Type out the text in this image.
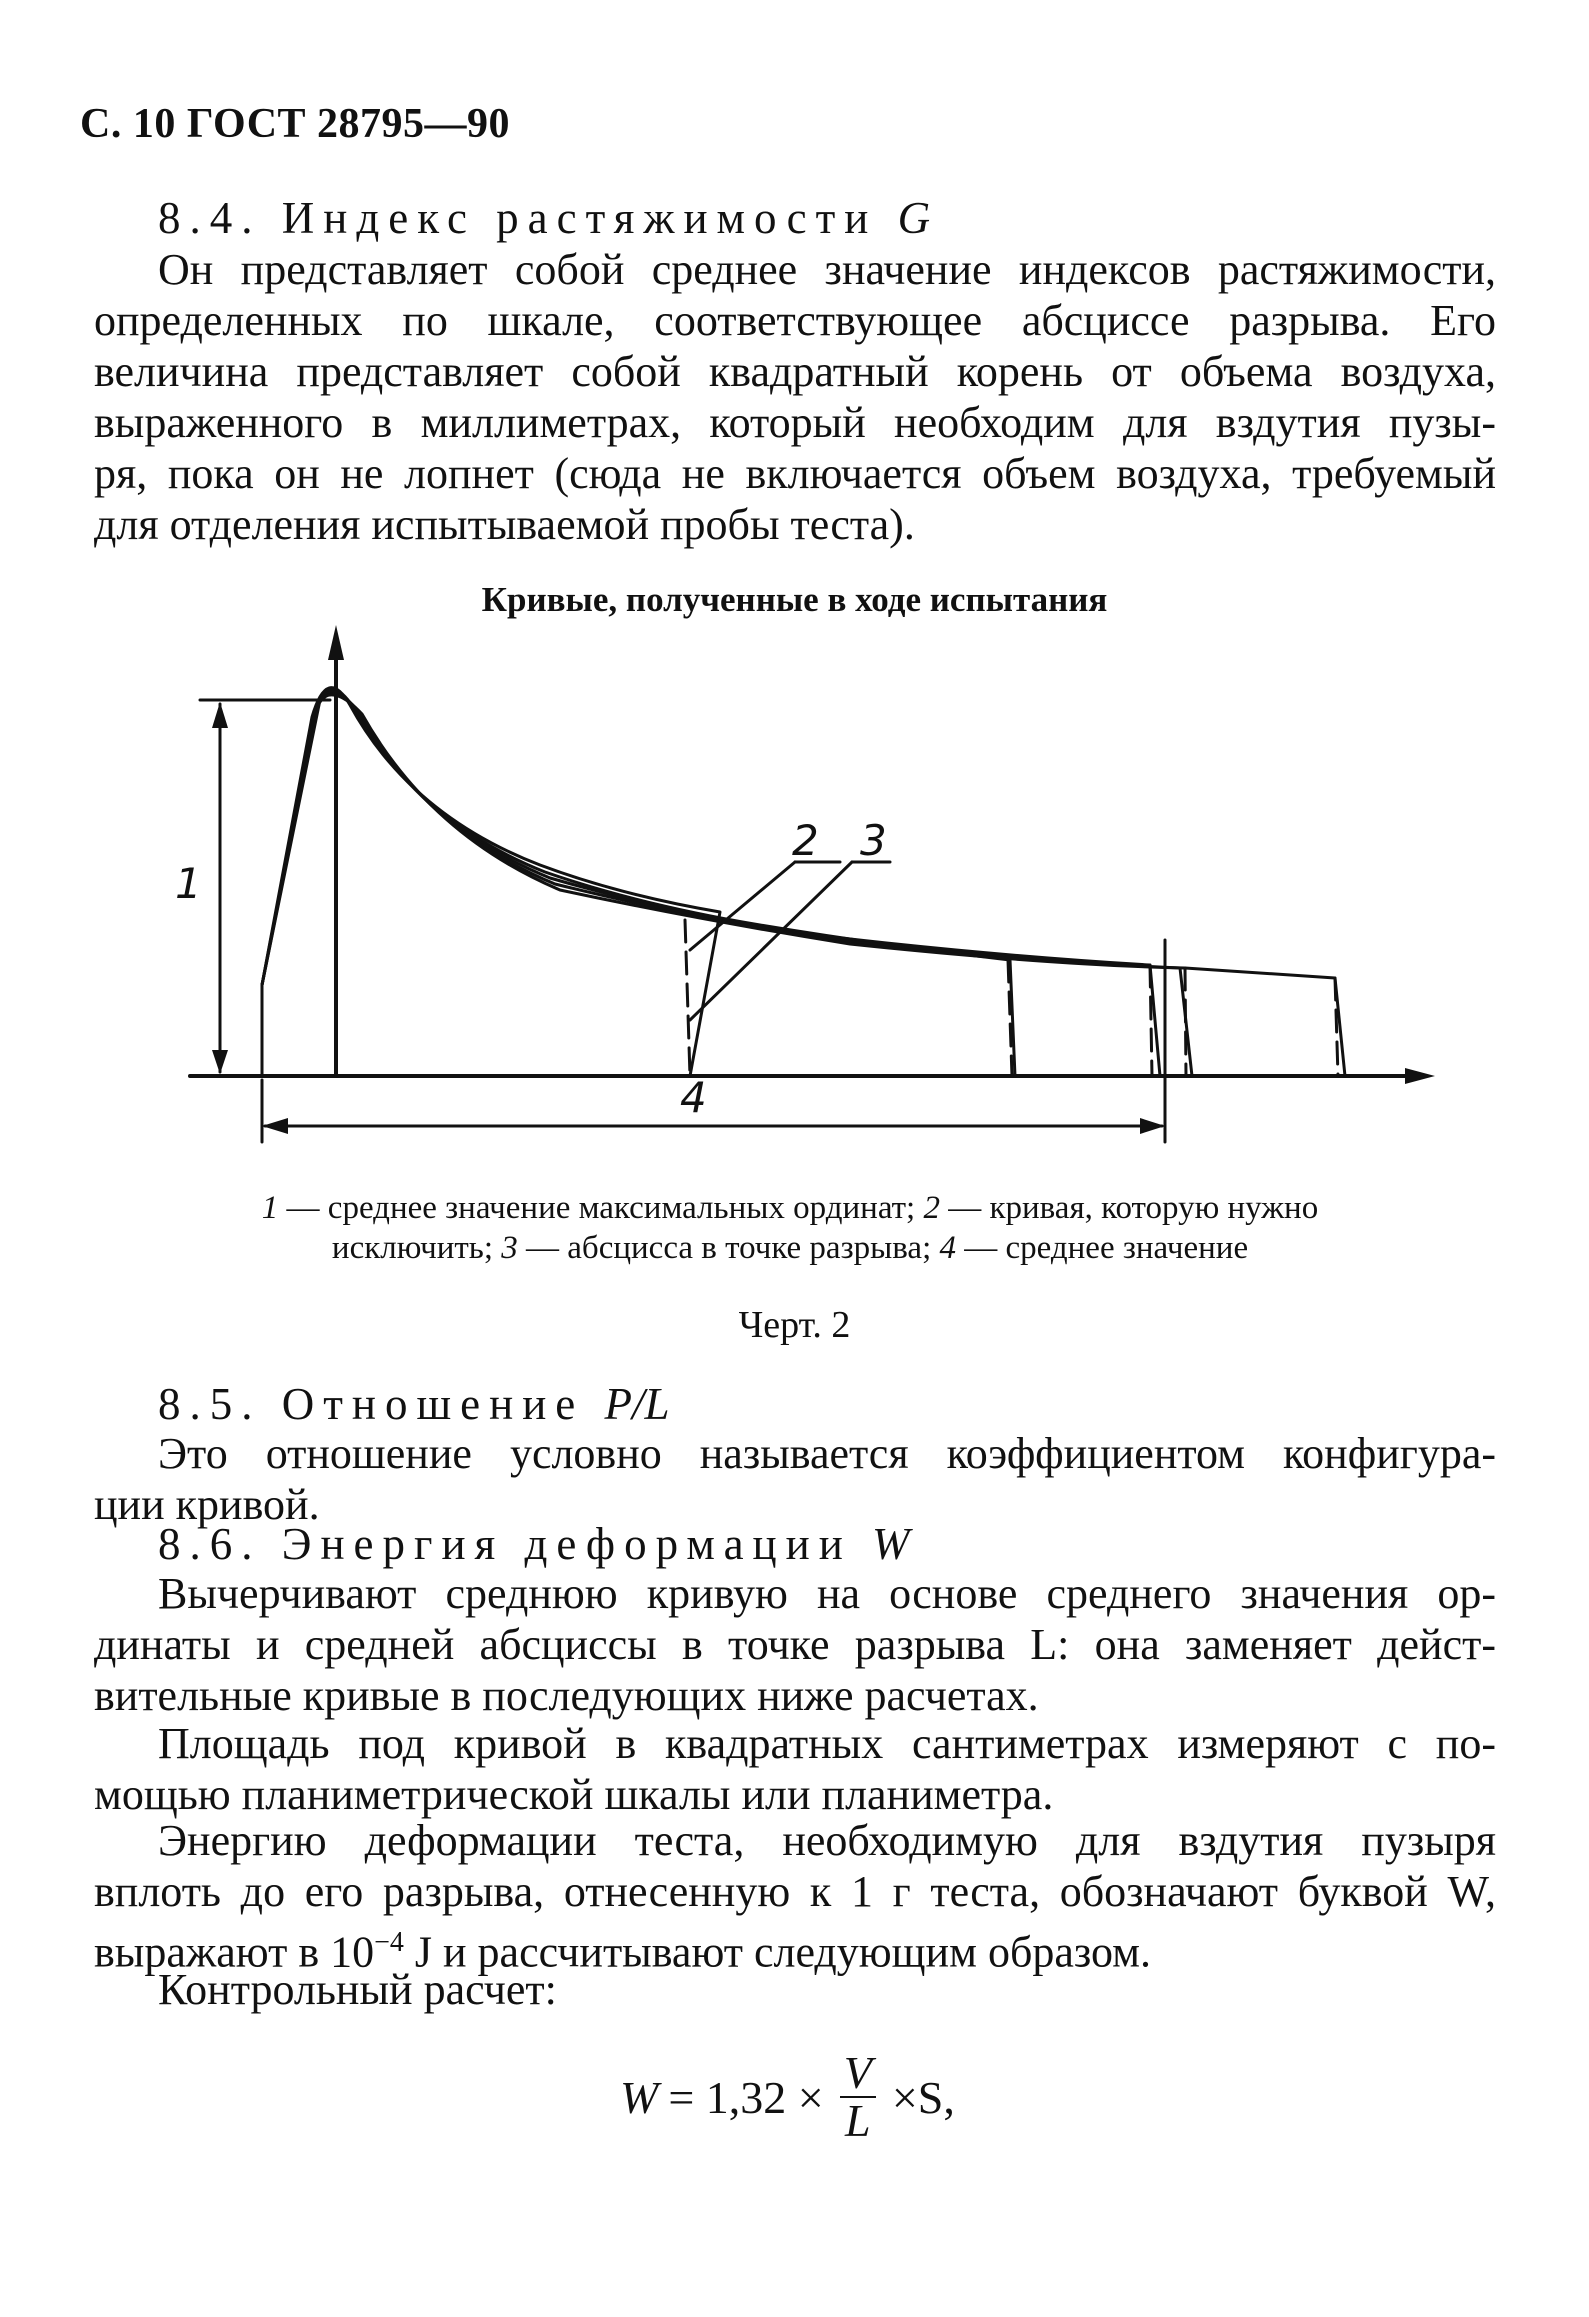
С. 10 ГОСТ 28795—90
8.4. Индекс растяжимости G
Он представляет собой среднее значение индексов растяжимости,
определенных по шкале, соответствующее абсциссе разрыва. Его
величина представляет собой квадратный корень от объема воздуха,
выраженного в миллиметрах, который необходим для вздутия пузы-
ря, пока он не лопнет (сюда не включается объем воздуха, требуемый
для отделения испытываемой пробы теста).
Кривые, полученные в ходе испытания
1
2 3
4
1 — среднее значение максимальных ординат; 2 — кривая, которую нужно
исключить; 3 — абсцисса в точке разрыва; 4 — среднее значение
Черт. 2
8.5. Отношение P/L
Это отношение условно называется коэффициентом конфигура-
ции кривой.
8.6. Энергия деформации W
Вычерчивают среднюю кривую на основе среднего значения ор-
динаты и средней абсциссы в точке разрыва L: она заменяет дейст-
вительные кривые в последующих ниже расчетах.
Площадь под кривой в квадратных сантиметрах измеряют с по-
мощью планиметрической шкалы или планиметра.
Энергию деформации теста, необходимую для вздутия пузыря
вплоть до его разрыва, отнесенную к 1 г теста, обозначают буквой W,
выражают в $10^{-4}$ J и рассчитывают следующим образом.
Контрольный расчет:
$W = 1,32 \times \frac{V}{L} \times S$,
